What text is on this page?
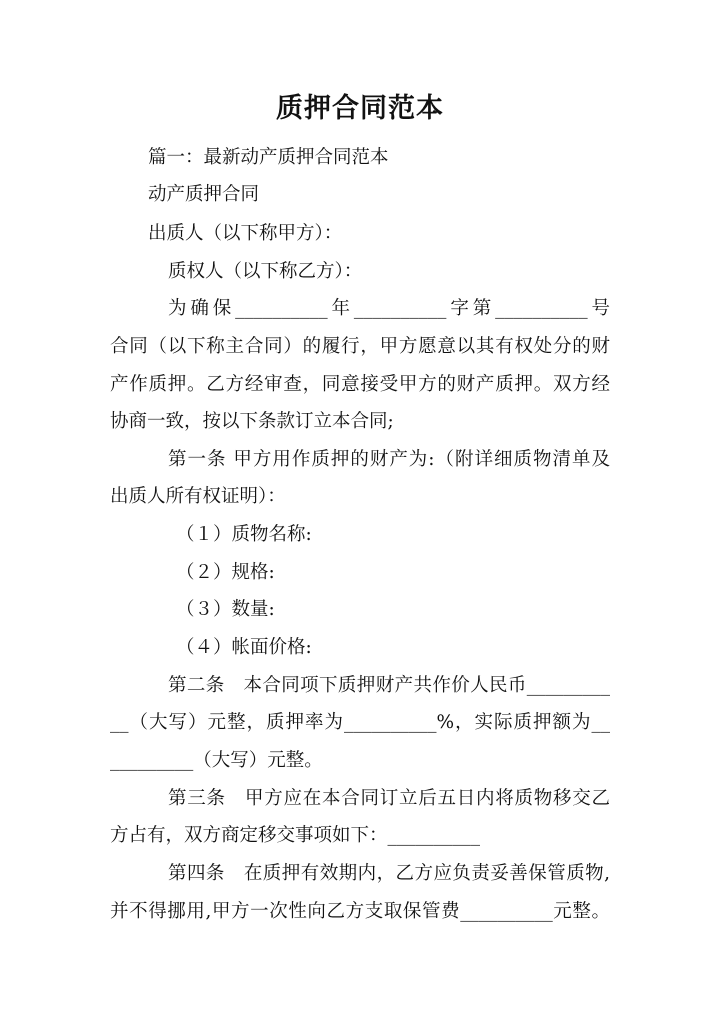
质押合同范本
篇一：最新动产质押合同范本
动产质押合同
出质人（以下称甲方）：
质权人（以下称乙方）：
为确保__________年__________字第__________号
合同（以下称主合同）的履行，甲方愿意以其有权处分的财
产作质押。乙方经审查，同意接受甲方的财产质押。双方经
协商一致，按以下条款订立本合同;
第一条 甲方用作质押的财产为:（附详细质物清单及
出质人所有权证明）：
（１）质物名称:
（２）规格:
（３）数量:
（４）帐面价格:
第二条　本合同项下质押财产共作价人民币_________
__（大写）元整，质押率为__________%，实际质押额为__
_________（大写）元整。
第三条　甲方应在本合同订立后五日内将质物移交乙
方占有，双方商定移交事项如下：__________
第四条　在质押有效期内，乙方应负责妥善保管质物,
并不得挪用,甲方一次性向乙方支取保管费__________元整。
